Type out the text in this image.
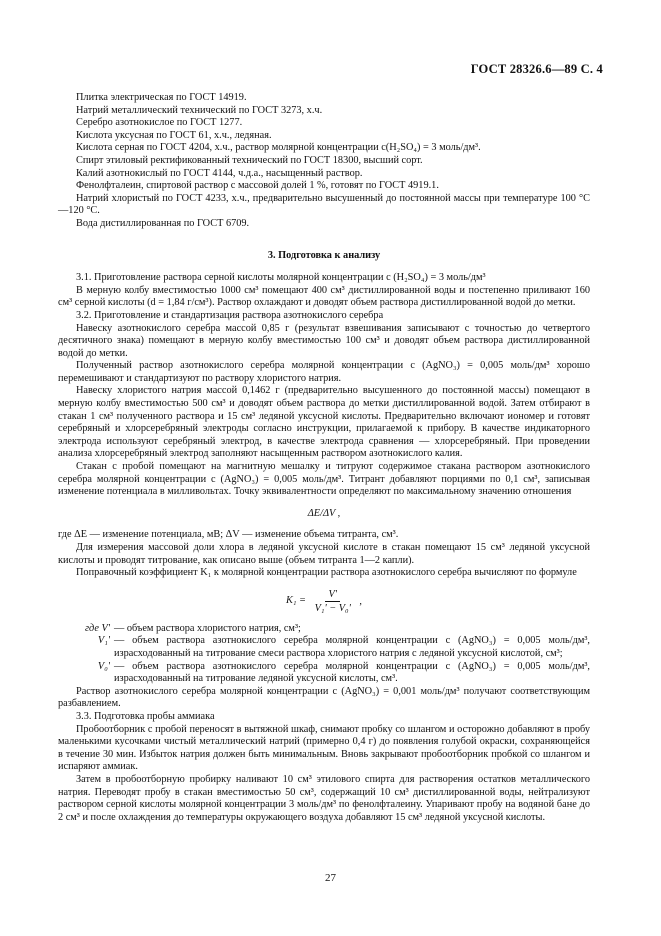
ГОСТ 28326.6—89 С. 4

Плитка электрическая по ГОСТ 14919.

Натрий металлический технический по ГОСТ 3273, х.ч.

Серебро азотнокислое по ГОСТ 1277.

Кислота уксусная по ГОСТ 61, х.ч., ледяная.

Кислота серная по ГОСТ 4204, х.ч., раствор молярной концентрации c(H₂SO₄) = 3 моль/дм³.

Спирт этиловый ректификованный технический по ГОСТ 18300, высший сорт.

Калий азотнокислый по ГОСТ 4144, ч.д.а., насыщенный раствор.

Фенолфталеин, спиртовой раствор с массовой долей 1 %, готовят по ГОСТ 4919.1.

Натрий хлористый по ГОСТ 4233, х.ч., предварительно высушенный до постоянной массы при температуре 100 °С—120 °С.

Вода дистиллированная по ГОСТ 6709.

3. Подготовка к анализу

3.1. Приготовление раствора серной кислоты молярной концентрации c (H₂SO₄) = 3 моль/дм³

В мерную колбу вместимостью 1000 см³ помещают 400 см³ дистиллированной воды и постепенно приливают 160 см³ серной кислоты (d = 1,84 г/см³). Раствор охлаждают и доводят объем раствора дистиллированной водой до метки.

3.2. Приготовление и стандартизация раствора азотнокислого серебра

Навеску азотнокислого серебра массой 0,85 г (результат взвешивания записывают с точностью до четвертого десятичного знака) помещают в мерную колбу вместимостью 100 см³ и доводят объем раствора дистиллированной водой до метки.

Полученный раствор азотнокислого серебра молярной концентрации c (AgNO₃) = 0,005 моль/дм³ хорошо перемешивают и стандартизуют по раствору хлористого натрия.

Навеску хлористого натрия массой 0,1462 г (предварительно высушенного до постоянной массы) помещают в мерную колбу вместимостью 500 см³ и доводят объем раствора до метки дистиллированной водой. Затем отбирают в стакан 1 см³ полученного раствора и 15 см³ ледяной уксусной кислоты. Предварительно включают иономер и готовят серебряный и хлорсеребряный электроды согласно инструкции, прилагаемой к прибору. В качестве индикаторного электрода используют серебряный электрод, в качестве электрода сравнения — хлорсеребряный. При проведении анализа хлорсеребряный электрод заполняют насыщенным раствором азотнокислого калия.

Стакан с пробой помещают на магнитную мешалку и титруют содержимое стакана раствором азотнокислого серебра молярной концентрации c (AgNO₃) = 0,005 моль/дм³. Титрант добавляют порциями по 0,1 см³, записывая изменение потенциала в милливольтах. Точку эквивалентности определяют по максимальному значению отношения

ΔE/ΔV ,

где ΔE — изменение потенциала, мВ; ΔV — изменение объема титранта, см³.

Для измерения массовой доли хлора в ледяной уксусной кислоте в стакан помещают 15 см³ ледяной уксусной кислоты и проводят титрование, как описано выше (объем титранта 1—2 капли).

Поправочный коэффициент K₁ к молярной концентрации раствора азотнокислого серебра вычисляют по формуле

$K_1 = \frac{V'}{\text{V₁' − V₀'}}$ ,
где V' — объем раствора хлористого натрия, см³;
V₁' — объем раствора азотнокислого серебра молярной концентрации c (AgNO₃) = 0,005 моль/дм³, израсходованный на титрование смеси раствора хлористого натрия с ледяной уксусной кислотой, см³;
V₀' — объем раствора азотнокислого серебра молярной концентрации c (AgNO₃) = 0,005 моль/дм³, израсходованный на титрование ледяной уксусной кислоты, см³.

Раствор азотнокислого серебра молярной концентрации c (AgNO₃) = 0,001 моль/дм³ получают соответствующим разбавлением.

3.3. Подготовка пробы аммиака

Пробоотборник с пробой переносят в вытяжной шкаф, снимают пробку со шлангом и осторожно добавляют в пробу маленькими кусочками чистый металлический натрий (примерно 0,4 г) до появления голубой окраски, сохраняющейся в течение 30 мин. Избыток натрия должен быть минимальным. Вновь закрывают пробоотборник пробкой со шлангом и испаряют аммиак.

Затем в пробоотборную пробирку наливают 10 см³ этилового спирта для растворения остатков металлического натрия. Переводят пробу в стакан вместимостью 50 см³, содержащий 10 см³ дистиллированной воды, нейтрализуют раствором серной кислоты молярной концентрации 3 моль/дм³ по фенолфталеину. Упаривают пробу на водяной бане до 2 см³ и после охлаждения до температуры окружающего воздуха добавляют 15 см³ ледяной уксусной кислоты.

27
